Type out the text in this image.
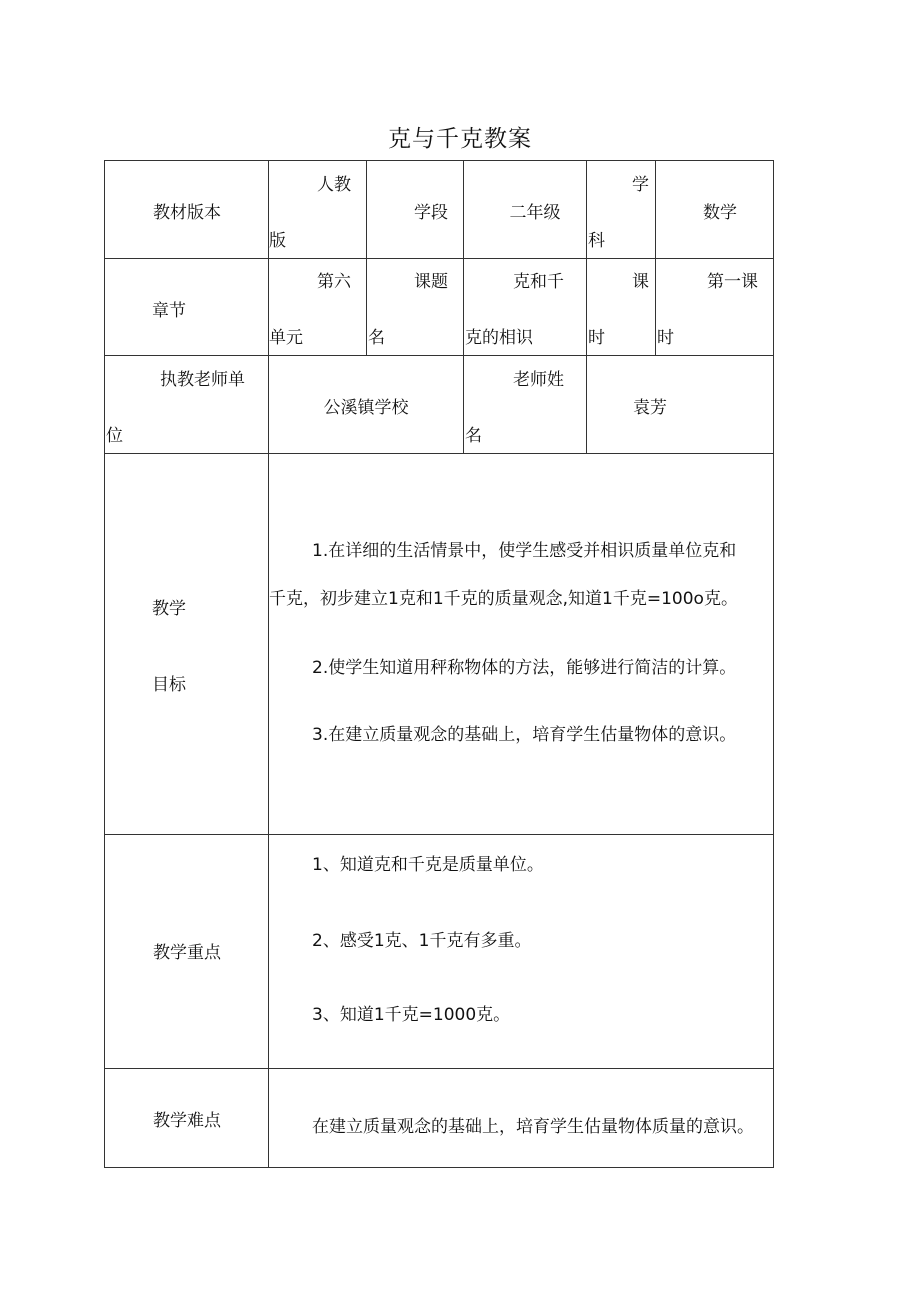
克与千克教案
教材版本
人教
版
学段	二年级
学
科
数学
章节
第六
单元
课题
名
克和千
克的相识
课
时
第一课
时
执教老师单
位
公溪镇学校
老师姓
名
袁芳
教学
目标
1.在详细的生活情景中，使学生感受并相识质量单位克和
千克，初步建立1克和1千克的质量观念,知道1千克=100o克。
2.使学生知道用秤称物体的方法，能够进行简洁的计算。
3.在建立质量观念的基础上，培育学生估量物体的意识。
教学重点
1、知道克和千克是质量单位。
2、感受1克、1千克有多重。
3、知道1千克=1000克。
教学难点	在建立质量观念的基础上，培育学生估量物体质量的意识。
